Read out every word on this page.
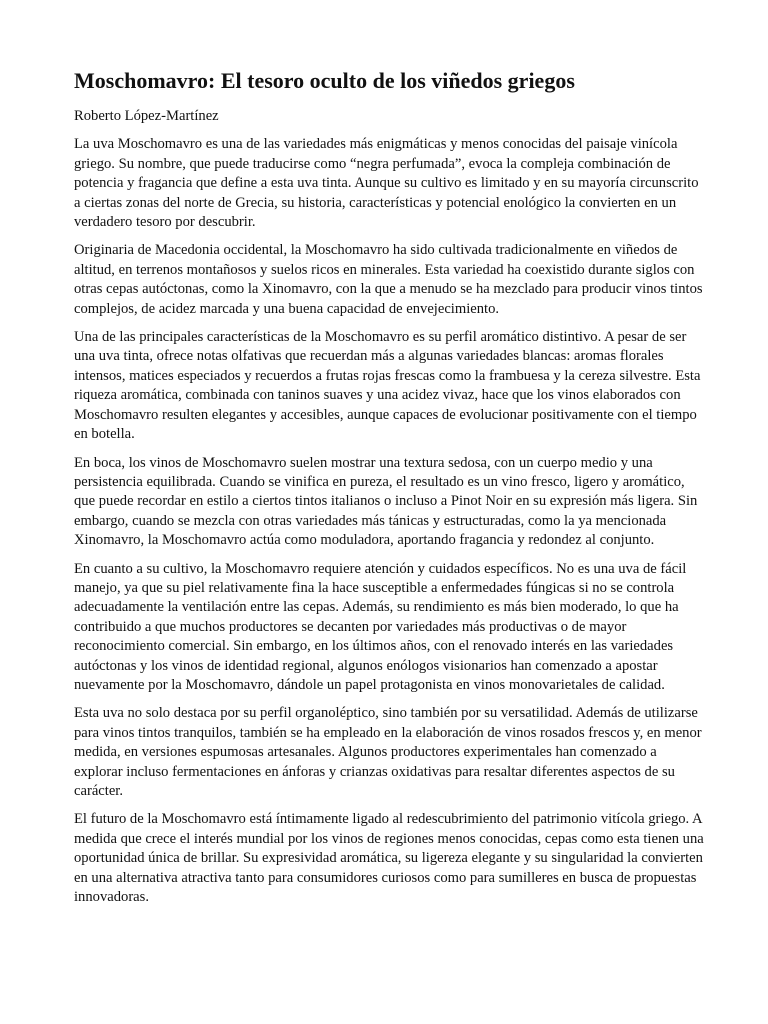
Moschomavro: El tesoro oculto de los viñedos griegos

Roberto López-Martínez

La uva Moschomavro es una de las variedades más enigmáticas y menos conocidas del paisaje vinícola griego. Su nombre, que puede traducirse como “negra perfumada”, evoca la compleja combinación de potencia y fragancia que define a esta uva tinta. Aunque su cultivo es limitado y en su mayoría circunscrito a ciertas zonas del norte de Grecia, su historia, características y potencial enológico la convierten en un verdadero tesoro por descubrir.

Originaria de Macedonia occidental, la Moschomavro ha sido cultivada tradicionalmente en viñedos de altitud, en terrenos montañosos y suelos ricos en minerales. Esta variedad ha coexistido durante siglos con otras cepas autóctonas, como la Xinomavro, con la que a menudo se ha mezclado para producir vinos tintos complejos, de acidez marcada y una buena capacidad de envejecimiento.

Una de las principales características de la Moschomavro es su perfil aromático distintivo. A pesar de ser una uva tinta, ofrece notas olfativas que recuerdan más a algunas variedades blancas: aromas florales intensos, matices especiados y recuerdos a frutas rojas frescas como la frambuesa y la cereza silvestre. Esta riqueza aromática, combinada con taninos suaves y una acidez vivaz, hace que los vinos elaborados con Moschomavro resulten elegantes y accesibles, aunque capaces de evolucionar positivamente con el tiempo en botella.

En boca, los vinos de Moschomavro suelen mostrar una textura sedosa, con un cuerpo medio y una persistencia equilibrada. Cuando se vinifica en pureza, el resultado es un vino fresco, ligero y aromático, que puede recordar en estilo a ciertos tintos italianos o incluso a Pinot Noir en su expresión más ligera. Sin embargo, cuando se mezcla con otras variedades más tánicas y estructuradas, como la ya mencionada Xinomavro, la Moschomavro actúa como moduladora, aportando fragancia y redondez al conjunto.

En cuanto a su cultivo, la Moschomavro requiere atención y cuidados específicos. No es una uva de fácil manejo, ya que su piel relativamente fina la hace susceptible a enfermedades fúngicas si no se controla adecuadamente la ventilación entre las cepas. Además, su rendimiento es más bien moderado, lo que ha contribuido a que muchos productores se decanten por variedades más productivas o de mayor reconocimiento comercial. Sin embargo, en los últimos años, con el renovado interés en las variedades autóctonas y los vinos de identidad regional, algunos enólogos visionarios han comenzado a apostar nuevamente por la Moschomavro, dándole un papel protagonista en vinos monovarietales de calidad.

Esta uva no solo destaca por su perfil organoléptico, sino también por su versatilidad. Además de utilizarse para vinos tintos tranquilos, también se ha empleado en la elaboración de vinos rosados frescos y, en menor medida, en versiones espumosas artesanales. Algunos productores experimentales han comenzado a explorar incluso fermentaciones en ánforas y crianzas oxidativas para resaltar diferentes aspectos de su carácter.

El futuro de la Moschomavro está íntimamente ligado al redescubrimiento del patrimonio vitícola griego. A medida que crece el interés mundial por los vinos de regiones menos conocidas, cepas como esta tienen una oportunidad única de brillar. Su expresividad aromática, su ligereza elegante y su singularidad la convierten en una alternativa atractiva tanto para consumidores curiosos como para sumilleres en busca de propuestas innovadoras.
